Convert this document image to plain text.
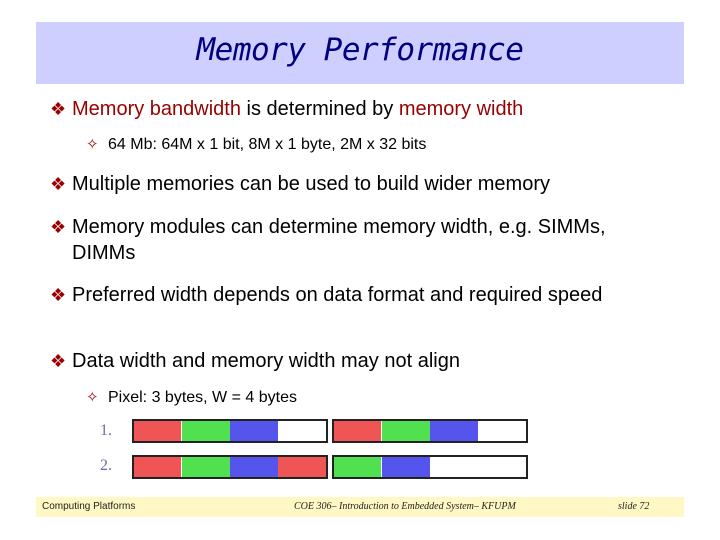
Memory Performance
❖ Memory bandwidth is determined by memory width
✧ 64 Mb: 64M x 1 bit, 8M x 1 byte, 2M x 32 bits
❖ Multiple memories can be used to build wider memory
❖ Memory modules can determine memory width, e.g. SIMMs, DIMMs
❖ Preferred width depends on data format and required speed
❖ Data width and memory width may not align
✧ Pixel: 3 bytes, W = 4 bytes
1.
2.
Computing Platforms	COE 306– Introduction to Embedded System– KFUPM	slide 72
